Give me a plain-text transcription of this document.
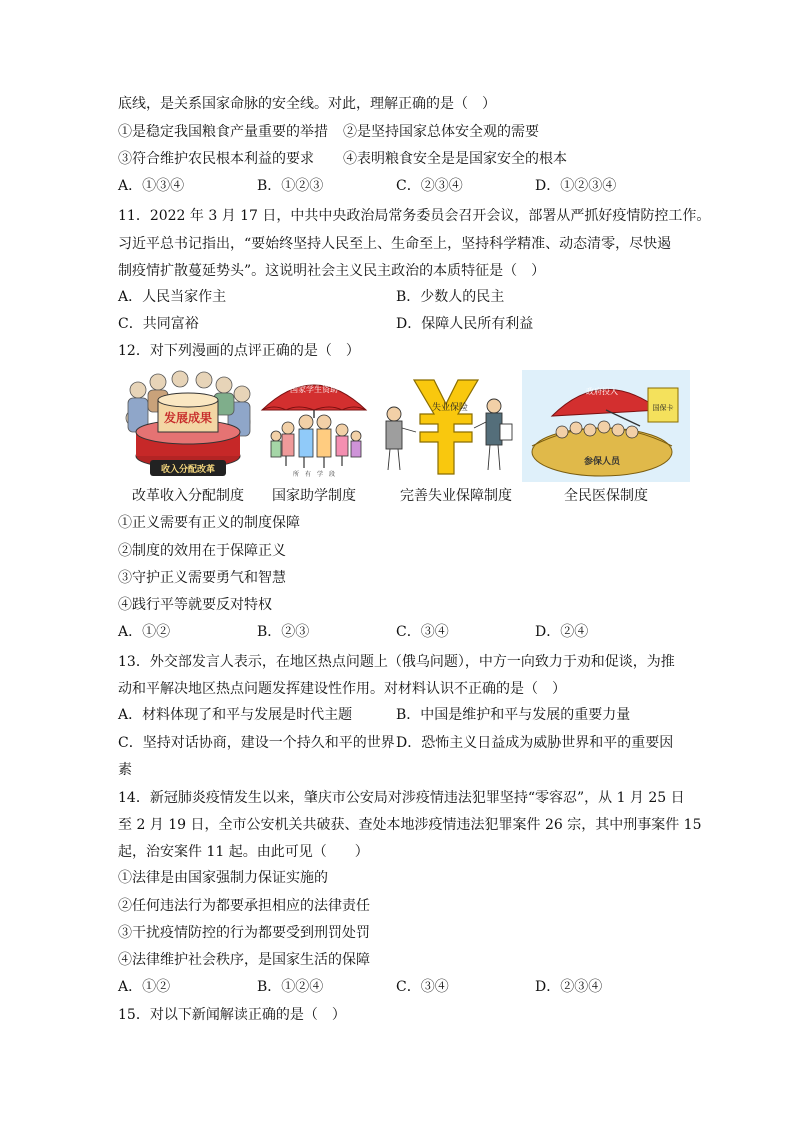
底线，是关系国家命脉的安全线。对此，理解正确的是（　）
①是稳定我国粮食产量重要的举措 ②是坚持国家总体安全观的需要
③符合维护农民根本利益的要求 ④表明粮食安全是是国家安全的根本
A．①③④	B．①②③	C．②③④	D．①②③④
11．2022 年 3 月 17 日，中共中央政治局常务委员会召开会议，部署从严抓好疫情防控工作。
习近平总书记指出，“要始终坚持人民至上、生命至上，坚持科学精准、动态清零，尽快遏
制疫情扩散蔓延势头”。这说明社会主义民主政治的本质特征是（　）
A．人民当家作主	B．少数人的民主
C．共同富裕	D．保障人民所有利益
12．对下列漫画的点评正确的是（　）
发展成果
收入分配改革
国家学生资助
所　有　学　段
失业保险
政府投入
国保卡
参保人员
改革收入分配制度	国家助学制度	完善失业保障制度	全民医保制度
①正义需要有正义的制度保障
②制度的效用在于保障正义
③守护正义需要勇气和智慧
④践行平等就要反对特权
A．①②	B．②③	C．③④	D．②④
13．外交部发言人表示，在地区热点问题上（俄乌问题），中方一向致力于劝和促谈，为推
动和平解决地区热点问题发挥建设性作用。对材料认识不正确的是（　）
A．材料体现了和平与发展是时代主题	B．中国是维护和平与发展的重要力量
C．坚持对话协商，建设一个持久和平的世界 D．恐怖主义日益成为威胁世界和平的重要因
素
14．新冠肺炎疫情发生以来，肇庆市公安局对涉疫情违法犯罪坚持“零容忍”，从 1 月 25 日
至 2 月 19 日，全市公安机关共破获、查处本地涉疫情违法犯罪案件 26 宗，其中刑事案件 15
起，治安案件 11 起。由此可见（　　）
①法律是由国家强制力保证实施的
②任何违法行为都要承担相应的法律责任
③干扰疫情防控的行为都要受到刑罚处罚
④法律维护社会秩序，是国家生活的保障
A．①②	B．①②④	C．③④	D．②③④
15．对以下新闻解读正确的是（　）
